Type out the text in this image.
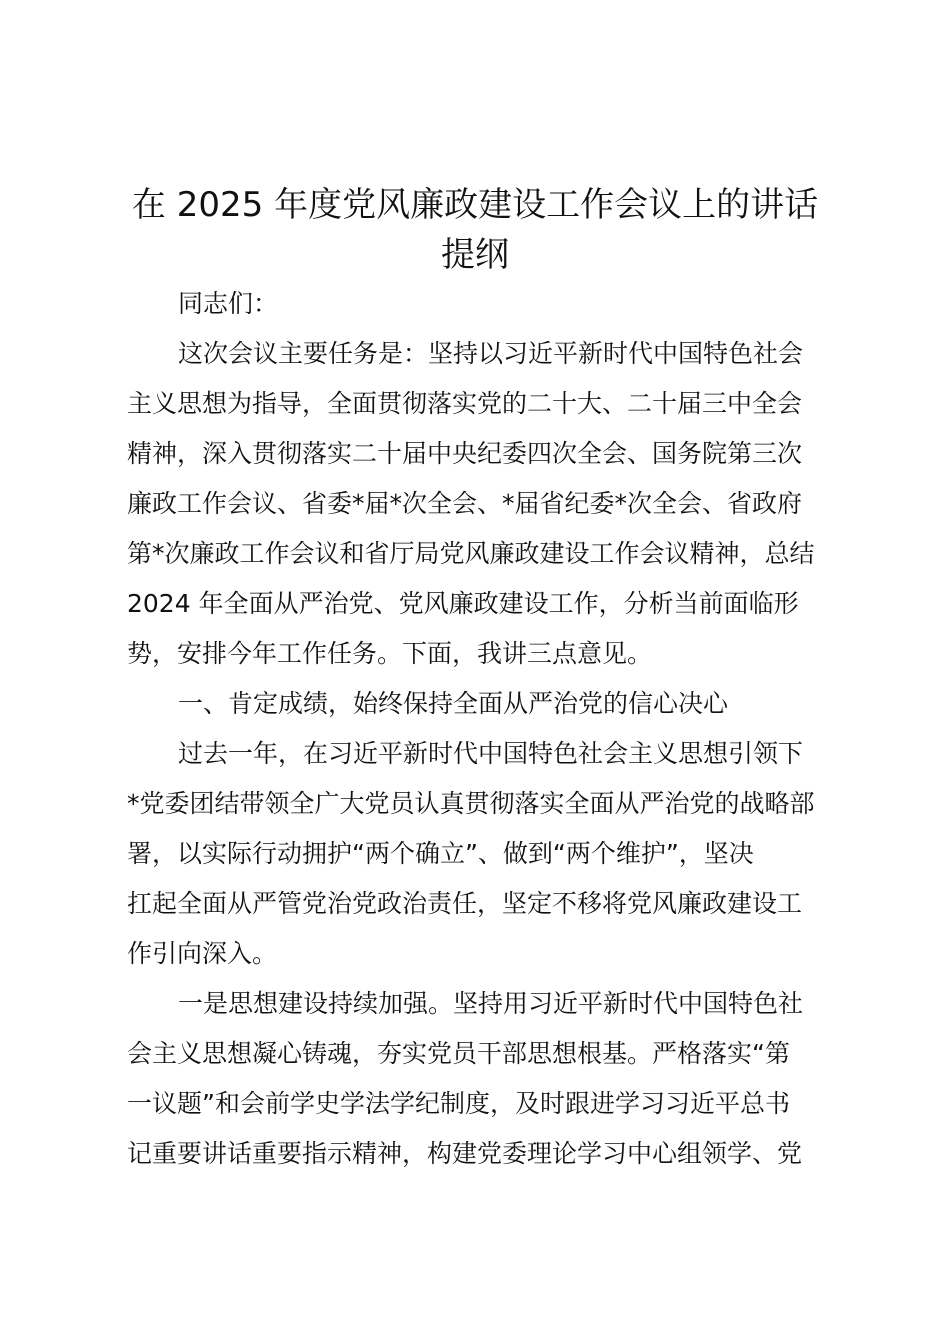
在 2025 年度党风廉政建设工作会议上的讲话
提纲
同志们：
这次会议主要任务是：坚持以习近平新时代中国特色社会
主义思想为指导，全面贯彻落实党的二十大、二十届三中全会
精神，深入贯彻落实二十届中央纪委四次全会、国务院第三次
廉政工作会议、省委*届*次全会、*届省纪委*次全会、省政府
第*次廉政工作会议和省厅局党风廉政建设工作会议精神，总结
2024 年全面从严治党、党风廉政建设工作，分析当前面临形
势，安排今年工作任务。下面，我讲三点意见。
一、肯定成绩，始终保持全面从严治党的信心决心
过去一年，在习近平新时代中国特色社会主义思想引领下
*党委团结带领全广大党员认真贯彻落实全面从严治党的战略部
署，以实际行动拥护“两个确立”、做到“两个维护”，坚决
扛起全面从严管党治党政治责任，坚定不移将党风廉政建设工
作引向深入。
一是思想建设持续加强。坚持用习近平新时代中国特色社
会主义思想凝心铸魂，夯实党员干部思想根基。严格落实“第
一议题”和会前学史学法学纪制度，及时跟进学习习近平总书
记重要讲话重要指示精神，构建党委理论学习中心组领学、党
